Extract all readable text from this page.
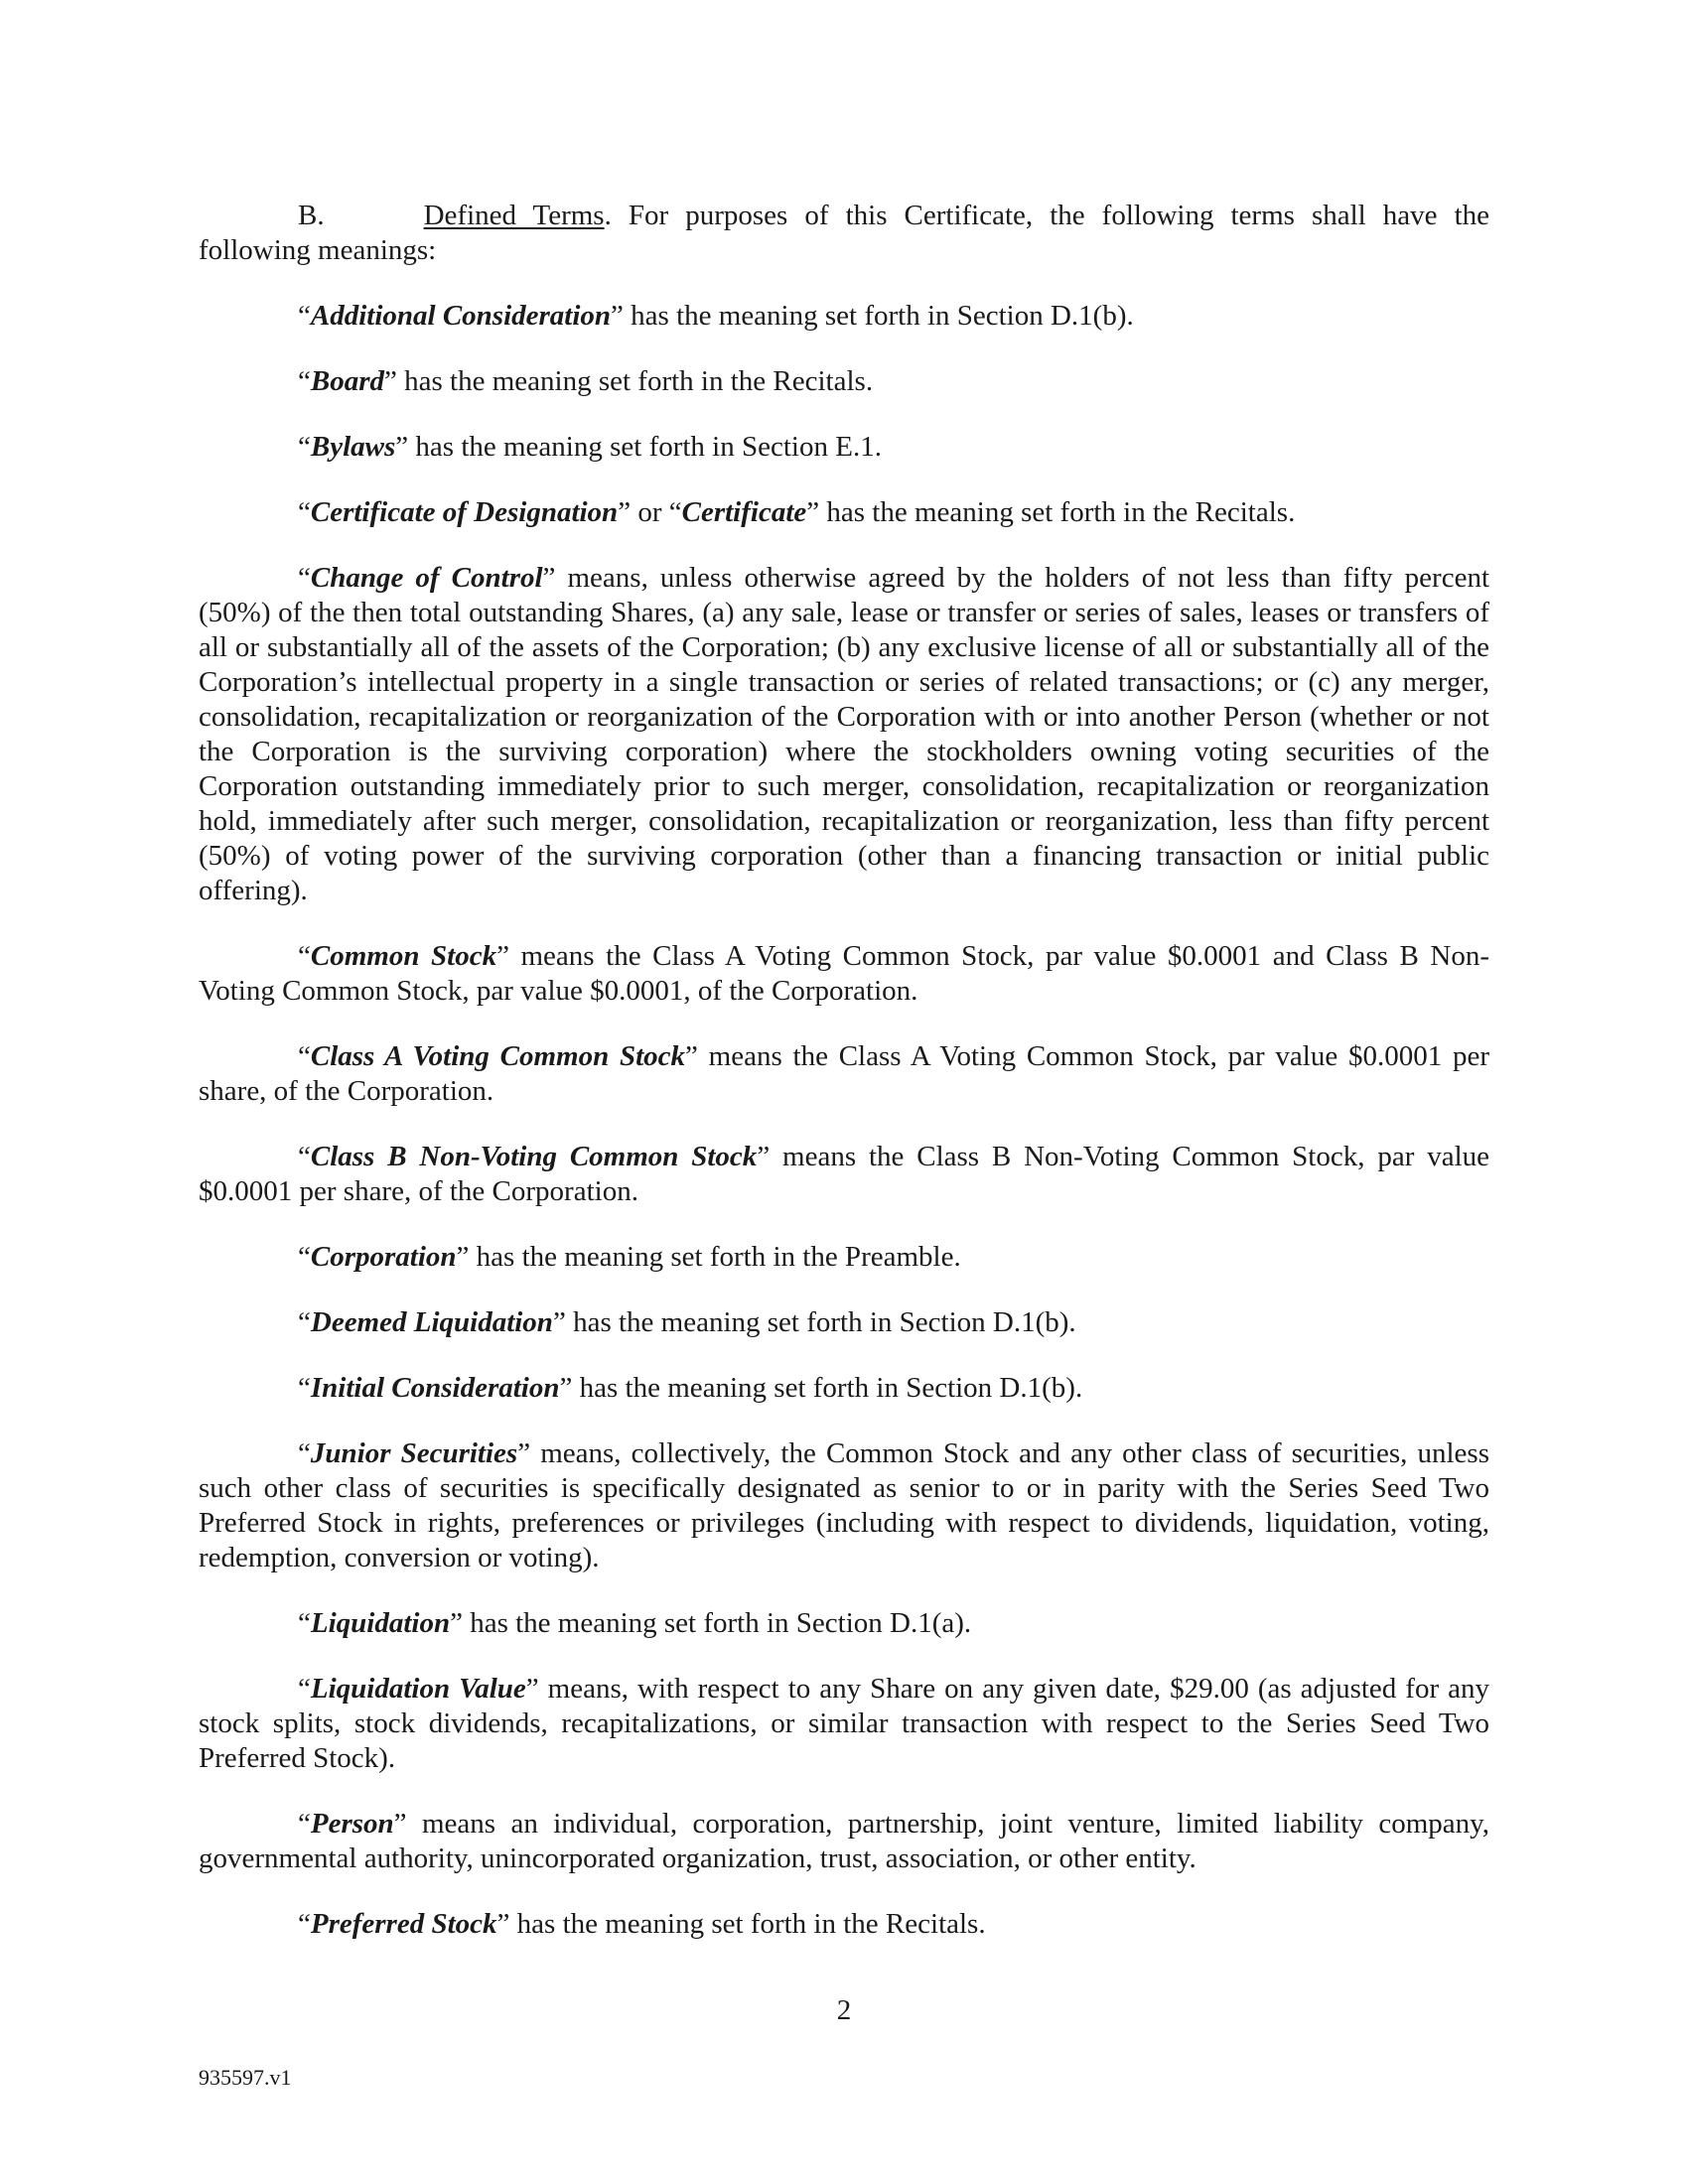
B.	Defined Terms. For purposes of this Certificate, the following terms shall have the following meanings:

“Additional Consideration” has the meaning set forth in Section D.1(b).

“Board” has the meaning set forth in the Recitals.

“Bylaws” has the meaning set forth in Section E.1.

“Certificate of Designation” or “Certificate” has the meaning set forth in the Recitals.

“Change of Control” means, unless otherwise agreed by the holders of not less than fifty percent (50%) of the then total outstanding Shares, (a) any sale, lease or transfer or series of sales, leases or transfers of all or substantially all of the assets of the Corporation; (b) any exclusive license of all or substantially all of the Corporation’s intellectual property in a single transaction or series of related transactions; or (c) any merger, consolidation, recapitalization or reorganization of the Corporation with or into another Person (whether or not the Corporation is the surviving corporation) where the stockholders owning voting securities of the Corporation outstanding immediately prior to such merger, consolidation, recapitalization or reorganization hold, immediately after such merger, consolidation, recapitalization or reorganization, less than fifty percent (50%) of voting power of the surviving corporation (other than a financing transaction or initial public offering).

“Common Stock” means the Class A Voting Common Stock, par value $0.0001 and Class B Non-Voting Common Stock, par value $0.0001, of the Corporation.

“Class A Voting Common Stock” means the Class A Voting Common Stock, par value $0.0001 per share, of the Corporation.

“Class B Non-Voting Common Stock” means the Class B Non-Voting Common Stock, par value $0.0001 per share, of the Corporation.

“Corporation” has the meaning set forth in the Preamble.

“Deemed Liquidation” has the meaning set forth in Section D.1(b).

“Initial Consideration” has the meaning set forth in Section D.1(b).

“Junior Securities” means, collectively, the Common Stock and any other class of securities, unless such other class of securities is specifically designated as senior to or in parity with the Series Seed Two Preferred Stock in rights, preferences or privileges (including with respect to dividends, liquidation, voting, redemption, conversion or voting).

“Liquidation” has the meaning set forth in Section D.1(a).

“Liquidation Value” means, with respect to any Share on any given date, $29.00 (as adjusted for any stock splits, stock dividends, recapitalizations, or similar transaction with respect to the Series Seed Two Preferred Stock).

“Person” means an individual, corporation, partnership, joint venture, limited liability company, governmental authority, unincorporated organization, trust, association, or other entity.

“Preferred Stock” has the meaning set forth in the Recitals.

2
935597.v1
